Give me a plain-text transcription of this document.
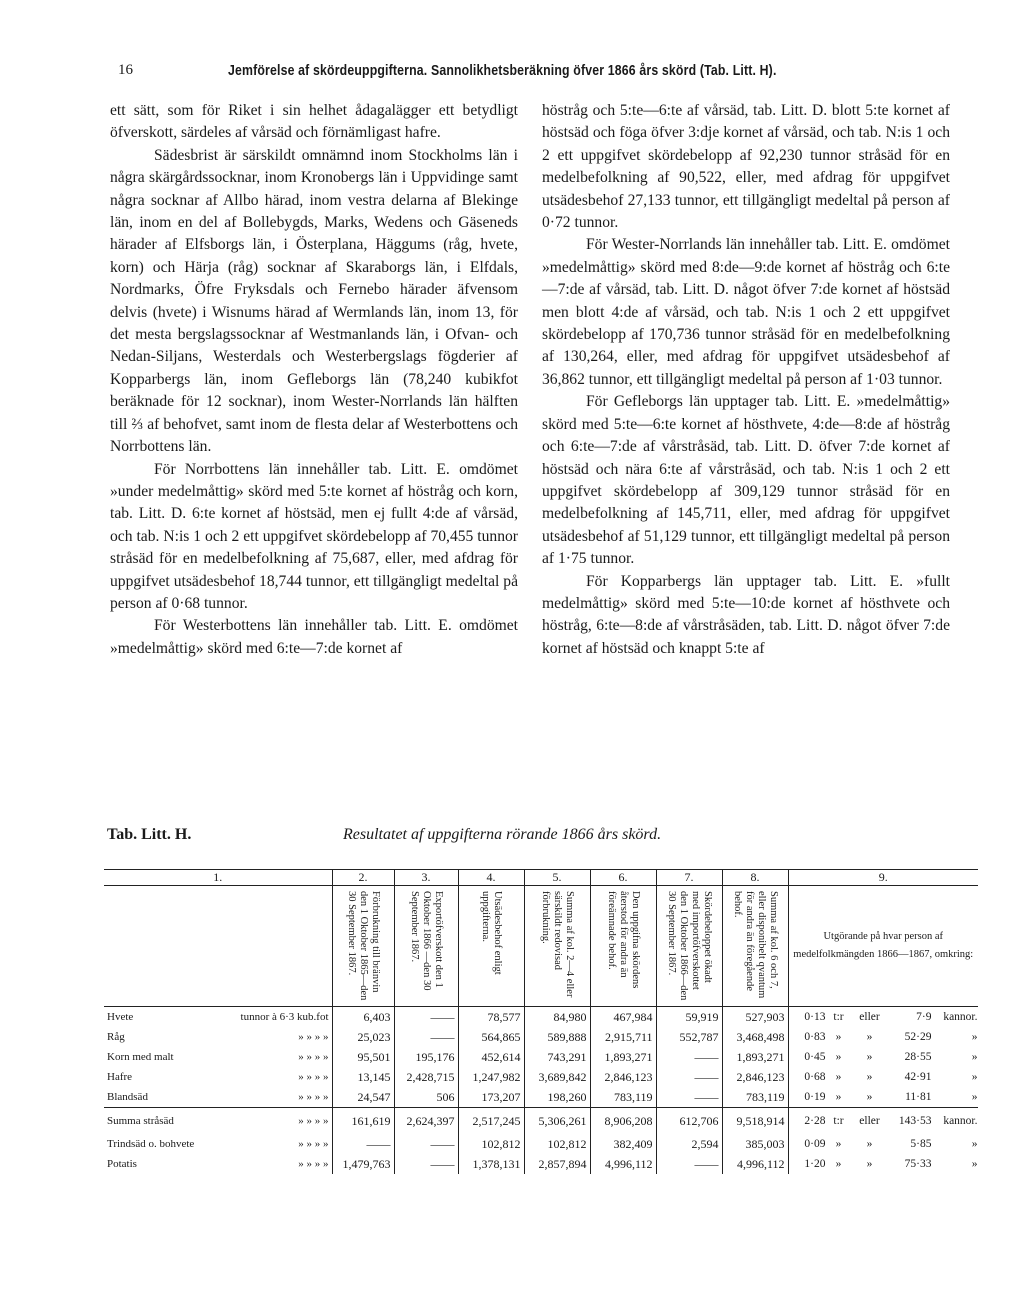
16	Jemförelse af skördeuppgifterna. Sannolikhetsberäkning öfver 1866 års skörd (Tab. Litt. H).

ett sätt, som för Riket i sin helhet ådagalägger ett betydligt öfverskott, särdeles af vårsäd och förnämligast hafre.

Sädesbrist är särskildt omnämnd inom Stockholms län i några skärgårdssocknar, inom Kronobergs län i Uppvidinge samt några socknar af Allbo härad, inom vestra delarna af Blekinge län, inom en del af Bollebygds, Marks, Wedens och Gäseneds härader af Elfsborgs län, i Österplana, Häggums (råg, hvete, korn) och Härja (råg) socknar af Skaraborgs län, i Elfdals, Nordmarks, Öfre Fryksdals och Fernebo härader äfvensom delvis (hvete) i Wisnums härad af Wermlands län, inom 13, för det mesta bergslagssocknar af Westmanlands län, i Ofvan- och Nedan-Siljans, Westerdals och Westerbergslags fögderier af Kopparbergs län, inom Gefleborgs län (78,240 kubikfot beräknade för 12 socknar), inom Wester-Norrlands län hälften till ⅔ af behofvet, samt inom de flesta delar af Westerbottens och Norrbottens län.

För Norrbottens län innehåller tab. Litt. E. omdömet »under medelmåttig» skörd med 5:te kornet af höstråg och korn, tab. Litt. D. 6:te kornet af höstsäd, men ej fullt 4:de af vårsäd, och tab. N:is 1 och 2 ett uppgifvet skördebelopp af 70,455 tunnor stråsäd för en medelbefolkning af 75,687, eller, med afdrag för uppgifvet utsädesbehof 18,744 tunnor, ett tillgängligt medeltal på person af 0·68 tunnor.

För Westerbottens län innehåller tab. Litt. E. omdömet »medelmåttig» skörd med 6:te—7:de kornet af

höstråg och 5:te—6:te af vårsäd, tab. Litt. D. blott 5:te kornet af höstsäd och föga öfver 3:dje kornet af vårsäd, och tab. N:is 1 och 2 ett uppgifvet skördebelopp af 92,230 tunnor stråsäd för en medelbefolkning af 90,522, eller, med afdrag för uppgifvet utsädesbehof 27,133 tunnor, ett tillgängligt medeltal på person af 0·72 tunnor.

För Wester-Norrlands län innehåller tab. Litt. E. omdömet »medelmåttig» skörd med 8:de—9:de kornet af höstråg och 6:te—7:de af vårsäd, tab. Litt. D. något öfver 7:de kornet af höstsäd men blott 4:de af vårsäd, och tab. N:is 1 och 2 ett uppgifvet skördebelopp af 170,736 tunnor stråsäd för en medelbefolkning af 130,264, eller, med afdrag för uppgifvet utsädesbehof af 36,862 tunnor, ett tillgängligt medeltal på person af 1·03 tunnor.

För Gefleborgs län upptager tab. Litt. E. »medelmåttig» skörd med 5:te—6:te kornet af hösthvete, 4:de—8:de af höstråg och 6:te—7:de af vårstråsäd, tab. Litt. D. öfver 7:de kornet af höstsäd och nära 6:te af vårstråsäd, och tab. N:is 1 och 2 ett uppgifvet skördebelopp af 309,129 tunnor stråsäd för en medelbefolkning af 145,711, eller, med afdrag för uppgifvet utsädesbehof af 51,129 tunnor, ett tillgängligt medeltal på person af 1·75 tunnor.

För Kopparbergs län upptager tab. Litt. E. »fullt medelmåttig» skörd med 5:te—10:de kornet af hösthvete och höstråg, 6:te—8:de af vårstråsäden, tab. Litt. D. något öfver 7:de kornet af höstsäd och knappt 5:te af

Tab. Litt. H.	Resultatet af uppgifterna rörande 1866 års skörd.
1.	2.	3.	4.	5.	6.	7.	8.	9.

	Förbrukning till bränvin den 1 Oktober 1865—den 30 September 1867.	Exportöfverskott den 1 Oktober 1866 —den 30 September 1867.	Utsädesbehof enligt uppgifterna.	Summa af kol. 2—4 eller särskildt redovisad förbrukning.	Den uppgifna skördens återstod för andra än föreämnade behof.	Skördebeloppet ökadt med importöfverskottet den 1 Oktober 1866—den 30 September 1867.	Summa af kol. 6 och 7, eller disponibelt qvantum för andra än föregående behof.	Utgörande på hvar person af medelfolkmängden 1866—1867, omkring:

Hvete tunnor à 6·3 kub.fot	6,403	——	78,577	84,980	467,984	59,919	527,903	0·13 t:r eller 7·9 kannor.
Råg » » » »	25,023	——	564,865	589,888	2,915,711	552,787	3,468,498	0·83 » » 52·29 »
Korn med malt » » » »	95,501	195,176	452,614	743,291	1,893,271	——	1,893,271	0·45 » » 28·55 »
Hafre » » » »	13,145	2,428,715	1,247,982	3,689,842	2,846,123	——	2,846,123	0·68 » » 42·91 »
Blandsäd » » » »	24,547	506	173,207	198,260	783,119	——	783,119	0·19 » » 11·81 »
Summa stråsäd » » » »	161,619	2,624,397	2,517,245	5,306,261	8,906,208	612,706	9,518,914	2·28 t:r eller 143·53 kannor.
Trindsäd o. bohvete » » » »	——	——	102,812	102,812	382,409	2,594	385,003	0·09 » » 5·85 »
Potatis » » » »	1,479,763	——	1,378,131	2,857,894	4,996,112	——	4,996,112	1·20 » » 75·33 »
